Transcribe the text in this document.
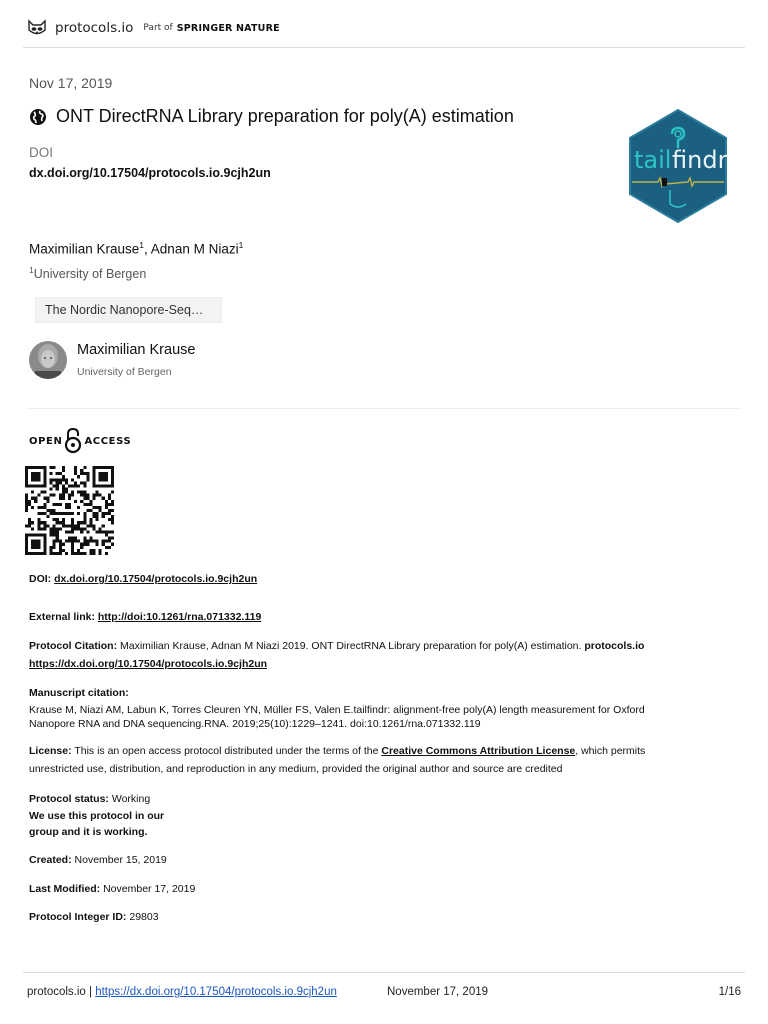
protocols.io Part of SPRINGER NATURE
Nov 17, 2019
ONT DirectRNA Library preparation for poly(A) estimation
DOI
dx.doi.org/10.17504/protocols.io.9cjh2un	tail findr
Maximilian Krause$^1$, Adnan M Niazi$^1$
$^1$University of Bergen
The Nordic Nanopore-Seq…
Maximilian Krause
University of Bergen
OPEN ACCESS
DOI: dx.doi.org/10.17504/protocols.io.9cjh2un
External link: http://doi:10.1261/rna.071332.119
Protocol Citation: Maximilian Krause, Adnan M Niazi 2019. ONT DirectRNA Library preparation for poly(A) estimation. protocols.io
https://dx.doi.org/10.17504/protocols.io.9cjh2un
Manuscript citation:
Krause M, Niazi AM, Labun K, Torres Cleuren YN, Müller FS, Valen E.tailfindr: alignment-free poly(A) length measurement for Oxford
Nanopore RNA and DNA sequencing.RNA. 2019;25(10):1229–1241. doi:10.1261/rna.071332.119
License: This is an open access protocol distributed under the terms of the Creative Commons Attribution License, which permits
unrestricted use, distribution, and reproduction in any medium, provided the original author and source are credited
Protocol status: Working
We use this protocol in our
group and it is working.
Created: November 15, 2019
Last Modified: November 17, 2019
Protocol Integer ID: 29803
protocols.io | https://dx.doi.org/10.17504/protocols.io.9cjh2un	November 17, 2019	1/16
